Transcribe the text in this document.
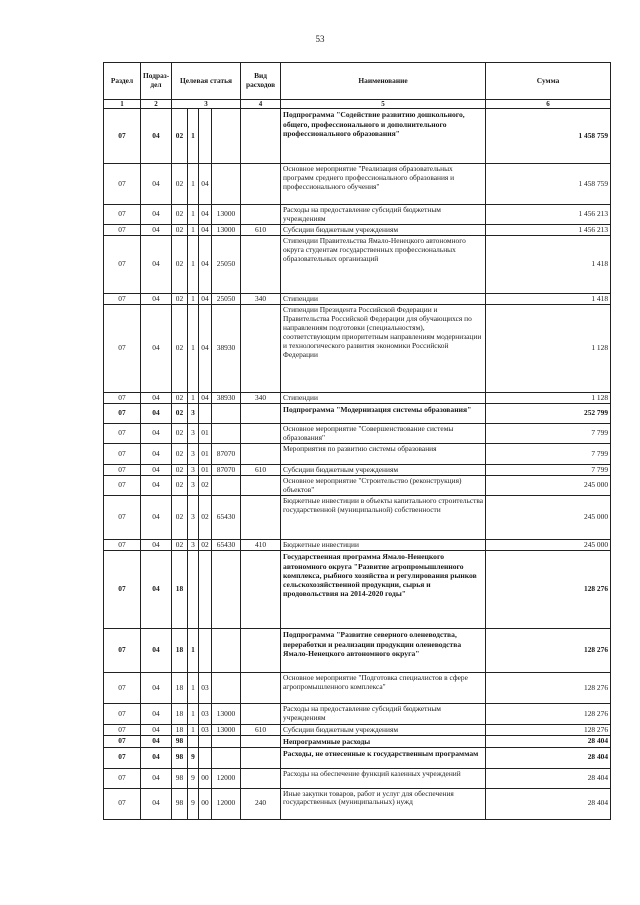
53
Раздел	Подраз-дел	Целевая статья				Вид расходов	Наименование	Сумма
1	2	3				4	5	6
07	04	02	1				Подпрограмма "Содействие развитию дошкольного, общего, профессионального и дополнительного профессионального образования"	1 458 759
07	04	02	1	04			Основное мероприятие "Реализация образовательных программ среднего профессионального образования и профессионального обучения"	1 458 759
07	04	02	1	04	13000		Расходы на предоставление субсидий бюджетным учреждениям	1 456 213
07	04	02	1	04	13000	610	Субсидии бюджетным учреждениям	1 456 213
07	04	02	1	04	25050		Стипендии Правительства Ямало-Ненецкого автономного округа студентам государственных профессиональных образовательных организаций	1 418
07	04	02	1	04	25050	340	Стипендии	1 418
07	04	02	1	04	38930		Стипендии Президента Российской Федерации и Правительства Российской Федерации для обучающихся по направлениям подготовки (специальностям), соответствующим приоритетным направлениям модернизации и технологического развития экономики Российской Федерации	1 128
07	04	02	1	04	38930	340	Стипендии	1 128
07	04	02	3				Подпрограмма "Модернизация системы образования"	252 799
07	04	02	3	01			Основное мероприятие "Совершенствование системы образования"	7 799
07	04	02	3	01	87070		Мероприятия по развитию системы образования	7 799
07	04	02	3	01	87070	610	Субсидии бюджетным учреждениям	7 799
07	04	02	3	02			Основное мероприятие "Строительство (реконструкция) объектов"	245 000
07	04	02	3	02	65430		Бюджетные инвестиции в объекты капитального строительства государственной (муниципальной) собственности	245 000
07	04	02	3	02	65430	410	Бюджетные инвестиции	245 000
07	04	18					Государственная программа Ямало-Ненецкого автономного округа "Развитие агропромышленного комплекса, рыбного хозяйства и регулирования рынков сельскохозяйственной продукции, сырья и продовольствия на 2014-2020 годы"	128 276
07	04	18	1				Подпрограмма "Развитие северного оленеводства, переработки и реализации продукции оленеводства Ямало-Ненецкого автономного округа"	128 276
07	04	18	1	03			Основное мероприятие "Подготовка специалистов в сфере агропромышленного комплекса"	128 276
07	04	18	1	03	13000		Расходы на предоставление субсидий бюджетным учреждениям	128 276
07	04	18	1	03	13000	610	Субсидии бюджетным учреждениям	128 276
07	04	98					Непрограммные расходы	28 404
07	04	98	9				Расходы, не отнесенные к государственным программам	28 404
07	04	98	9	00	12000		Расходы на обеспечение функций казенных учреждений	28 404
07	04	98	9	00	12000	240	Иные закупки товаров, работ и услуг для обеспечения государственных (муниципальных) нужд	28 404
